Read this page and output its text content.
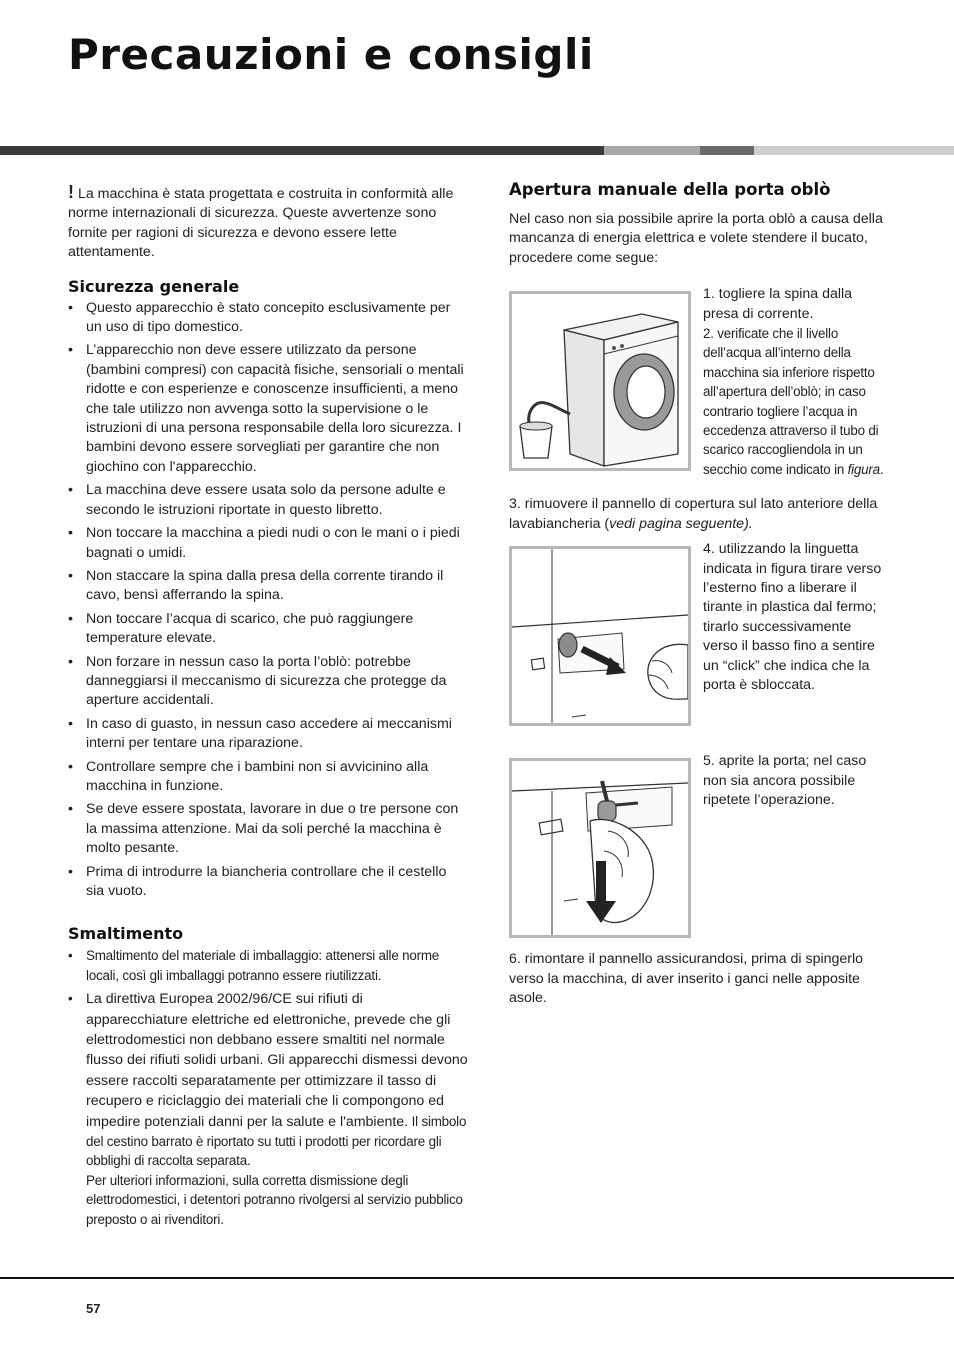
Precauzioni e consigli

! La macchina è stata progettata e costruita in conformità alle norme internazionali di sicurezza. Queste avvertenze sono fornite per ragioni di sicurezza e devono essere lette attentamente.

Sicurezza generale
• Questo apparecchio è stato concepito esclusivamente per un uso di tipo domestico.
• L’apparecchio non deve essere utilizzato da persone (bambini compresi) con capacità fisiche, sensoriali o mentali ridotte e con esperienze e conoscenze insufficienti, a meno che tale utilizzo non avvenga sotto la supervisione o le istruzioni di una persona responsabile della loro sicurezza. I bambini devono essere sorvegliati per garantire che non giochino con l'apparecchio.
• La macchina deve essere usata solo da persone adulte e secondo le istruzioni riportate in questo libretto.
• Non toccare la macchina a piedi nudi o con le mani o i piedi bagnati o umidi.
• Non staccare la spina dalla presa della corrente tirando il cavo, bensì afferrando la spina.
• Non toccare l’acqua di scarico, che può raggiungere temperature elevate.
• Non forzare in nessun caso la porta l’oblò: potrebbe danneggiarsi il meccanismo di sicurezza che protegge da aperture accidentali.
• In caso di guasto, in nessun caso accedere ai meccanismi interni per tentare una riparazione.
• Controllare sempre che i bambini non si avvicinino alla macchina in funzione.
• Se deve essere spostata, lavorare in due o tre persone con la massima attenzione. Mai da soli perché la macchina è molto pesante.
• Prima di introdurre la biancheria controllare che il cestello sia vuoto.
Smaltimento
• Smaltimento del materiale di imballaggio: attenersi alle norme locali, così gli imballaggi potranno essere riutilizzati.
• La direttiva Europea 2002/96/CE sui rifiuti di apparecchiature elettriche ed elettroniche, prevede che gli elettrodomestici non debbano essere smaltiti nel normale flusso dei rifiuti solidi urbani. Gli apparecchi dismessi devono essere raccolti separatamente per ottimizzare il tasso di recupero e riciclaggio dei materiali che li compongono ed impedire potenziali danni per la salute e l'ambiente. Il simbolo del cestino barrato è riportato su tutti i prodotti per ricordare gli obblighi di raccolta separata.
Per ulteriori informazioni, sulla corretta dismissione degli elettrodomestici, i detentori potranno rivolgersi al servizio pubblico preposto o ai rivenditori.
Apertura manuale della porta oblò

Nel caso non sia possibile aprire la porta oblò a causa della mancanza di energia elettrica e volete stendere il bucato, procedere come segue:

1. togliere la spina dalla presa di corrente.
2. verificate che il livello dell’acqua all’interno della macchina sia inferiore rispetto all’apertura dell’oblò; in caso contrario togliere l’acqua in eccedenza attraverso il tubo di scarico raccogliendola in un secchio come indicato in figura.

3. rimuovere il pannello di copertura sul lato anteriore della lavabiancheria (vedi pagina seguente).

4. utilizzando la linguetta indicata in figura tirare verso l’esterno fino a liberare il tirante in plastica dal fermo; tirarlo successivamente verso il basso fino a sentire un “click” che indica che la porta è sbloccata.
5. aprite la porta; nel caso non sia ancora possibile ripetete l’operazione.

6. rimontare il pannello assicurandosi, prima di spingerlo verso la macchina, di aver inserito i ganci nelle apposite asole.

57
